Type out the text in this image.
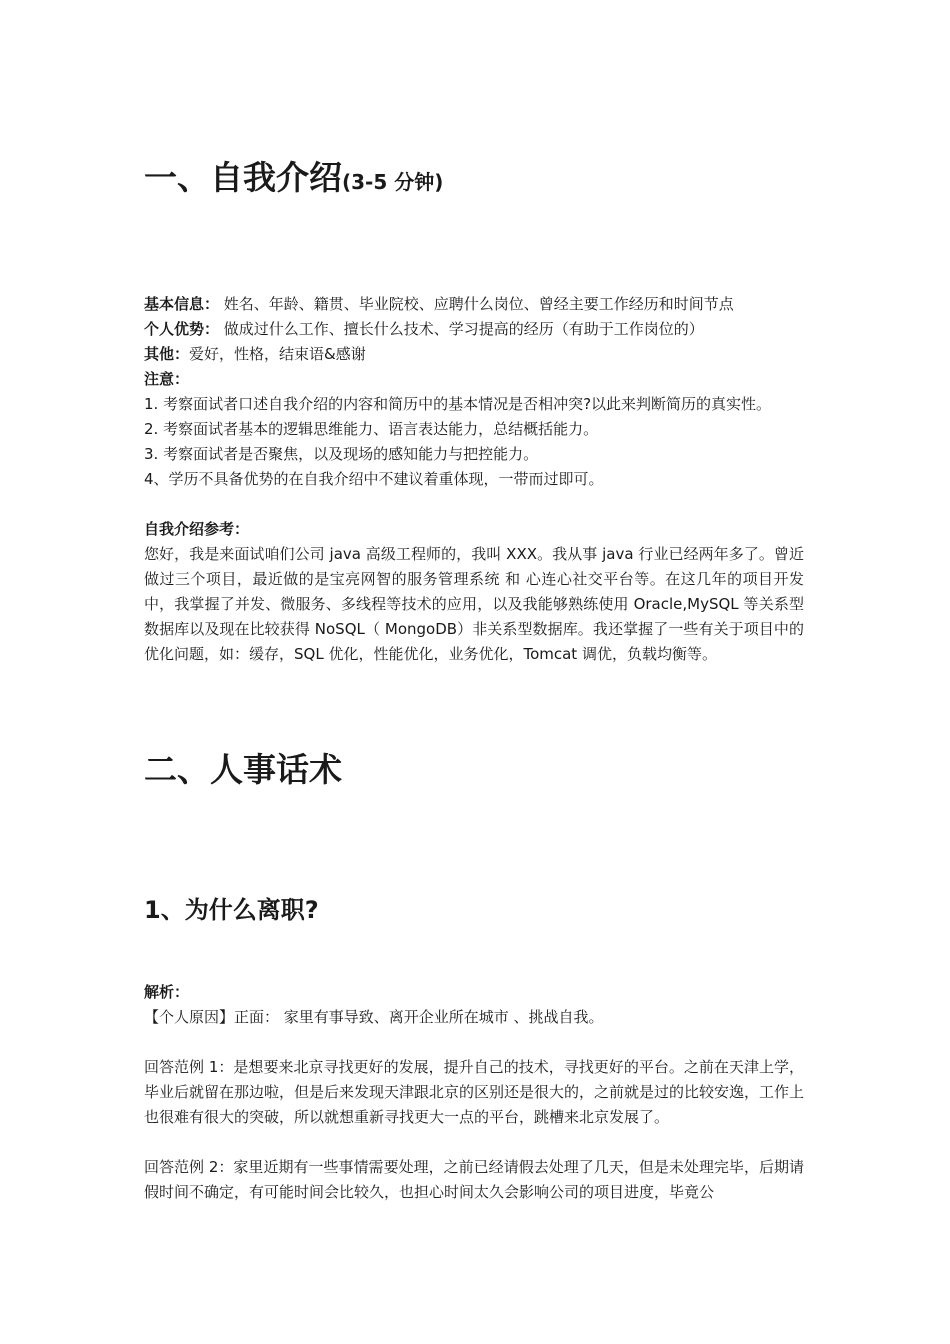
一、自我介绍(3-5 分钟)
基本信息： 姓名、年龄、籍贯、毕业院校、应聘什么岗位、曾经主要工作经历和时间节点
个人优势： 做成过什么工作、擅长什么技术、学习提高的经历（有助于工作岗位的）
其他：爱好，性格，结束语&感谢
注意：
1. 考察面试者口述自我介绍的内容和简历中的基本情况是否相冲突?以此来判断简历的真实性。
2. 考察面试者基本的逻辑思维能力、语言表达能力，总结概括能力。
3. 考察面试者是否聚焦，以及现场的感知能力与把控能力。
4、学历不具备优势的在自我介绍中不建议着重体现，一带而过即可。
自我介绍参考：
您好，我是来面试咱们公司 java 高级工程师的，我叫 XXX。我从事 java 行业已经两年多了。曾近做过三个项目，最近做的是宝亮网智的服务管理系统 和 心连心社交平台等。在这几年的项目开发中，我掌握了并发、微服务、多线程等技术的应用，以及我能够熟练使用 Oracle,MySQL 等关系型数据库以及现在比较获得 NoSQL（ MongoDB）非关系型数据库。我还掌握了一些有关于项目中的优化问题，如：缓存，SQL 优化，性能优化，业务优化，Tomcat 调优，负载均衡等。
二、人事话术
1、为什么离职?
解析：
【个人原因】正面： 家里有事导致、离开企业所在城市 、挑战自我。
回答范例 1：是想要来北京寻找更好的发展，提升自己的技术，寻找更好的平台。之前在天津上学，毕业后就留在那边啦，但是后来发现天津跟北京的区别还是很大的，之前就是过的比较安逸，工作上也很难有很大的突破，所以就想重新寻找更大一点的平台，跳槽来北京发展了。
回答范例 2：家里近期有一些事情需要处理，之前已经请假去处理了几天，但是未处理完毕，后期请假时间不确定，有可能时间会比较久，也担心时间太久会影响公司的项目进度，毕竟公
